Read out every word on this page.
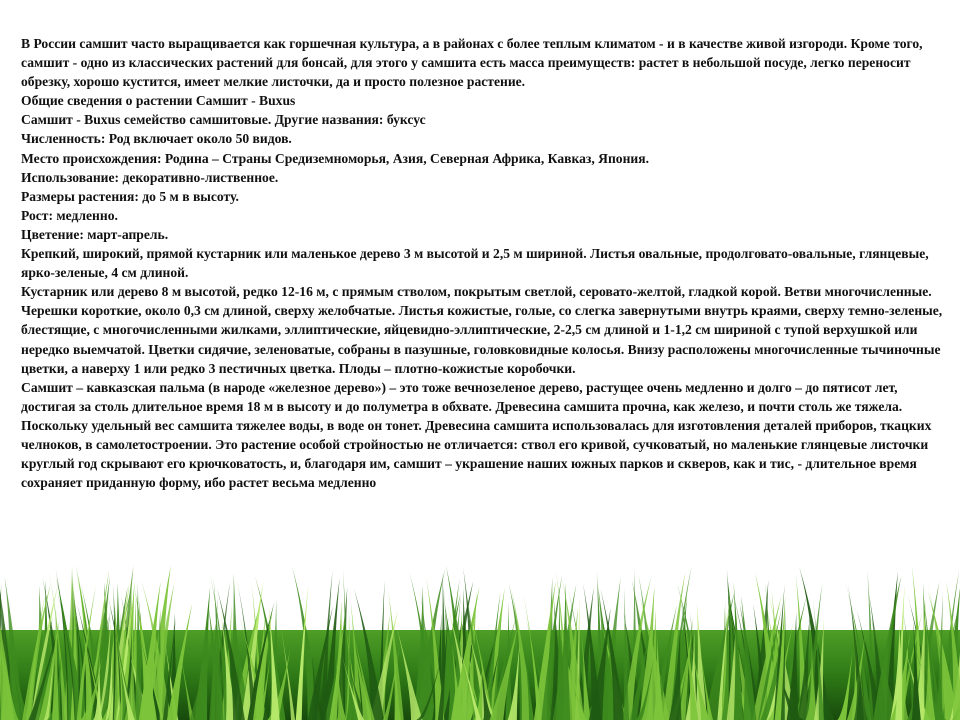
В России самшит часто выращивается как горшечная культура, а в районах с более теплым климатом - и в качестве живой изгороди. Кроме того, самшит - одно из классических растений для бонсай, для этого у самшита есть масса преимуществ: растет в небольшой посуде, легко переносит обрезку, хорошо кустится, имеет мелкие листочки, да и просто полезное растение.

Общие сведения о растении Самшит - Buxus

Самшит - Buxus семейство самшитовые. Другие названия: буксус

Численность: Род включает около 50 видов.

Место происхождения: Родина – Страны Средиземноморья, Азия, Северная Африка, Кавказ, Япония.

Использование: декоративно-лиственное.

Размеры растения: до 5 м в высоту.

Рост: медленно.

Цветение: март-апрель.

Крепкий, широкий, прямой кустарник или маленькое дерево 3 м высотой и 2,5 м шириной. Листья овальные, продолговато-овальные, глянцевые, ярко-зеленые, 4 см длиной.

Кустарник или дерево 8 м высотой, редко 12-16 м, с прямым стволом, покрытым светлой, серовато-желтой, гладкой корой. Ветви многочисленные. Черешки короткие, около 0,3 см длиной, сверху желобчатые. Листья кожистые, голые, со слегка завернутыми внутрь краями, сверху темно-зеленые, блестящие, с многочисленными жилками, эллиптические, яйцевидно-эллиптические, 2-2,5 см длиной и 1-1,2 см шириной с тупой верхушкой или нередко выемчатой. Цветки сидячие, зеленоватые, собраны в пазушные, головковидные колосья. Внизу расположены многочисленные тычиночные цветки, а наверху 1 или редко 3 пестичных цветка. Плоды – плотно-кожистые коробочки.

Самшит – кавказская пальма (в народе «железное дерево») – это тоже вечнозеленое дерево, растущее очень медленно и долго – до пятисот лет, достигая за столь длительное время 18 м в высоту и до полуметра в обхвате. Древесина самшита прочна, как железо, и почти столь же тяжела. Поскольку удельный вес самшита тяжелее воды, в воде он тонет. Древесина самшита использовалась для изготовления деталей приборов, ткацких челноков, в самолетостроении. Это растение особой стройностью не отличается: ствол его кривой, сучковатый, но маленькие глянцевые листочки круглый год скрывают его крючковатость, и, благодаря им, самшит – украшение наших южных парков и скверов, как и тис, - длительное время сохраняет приданную форму, ибо растет весьма медленно
